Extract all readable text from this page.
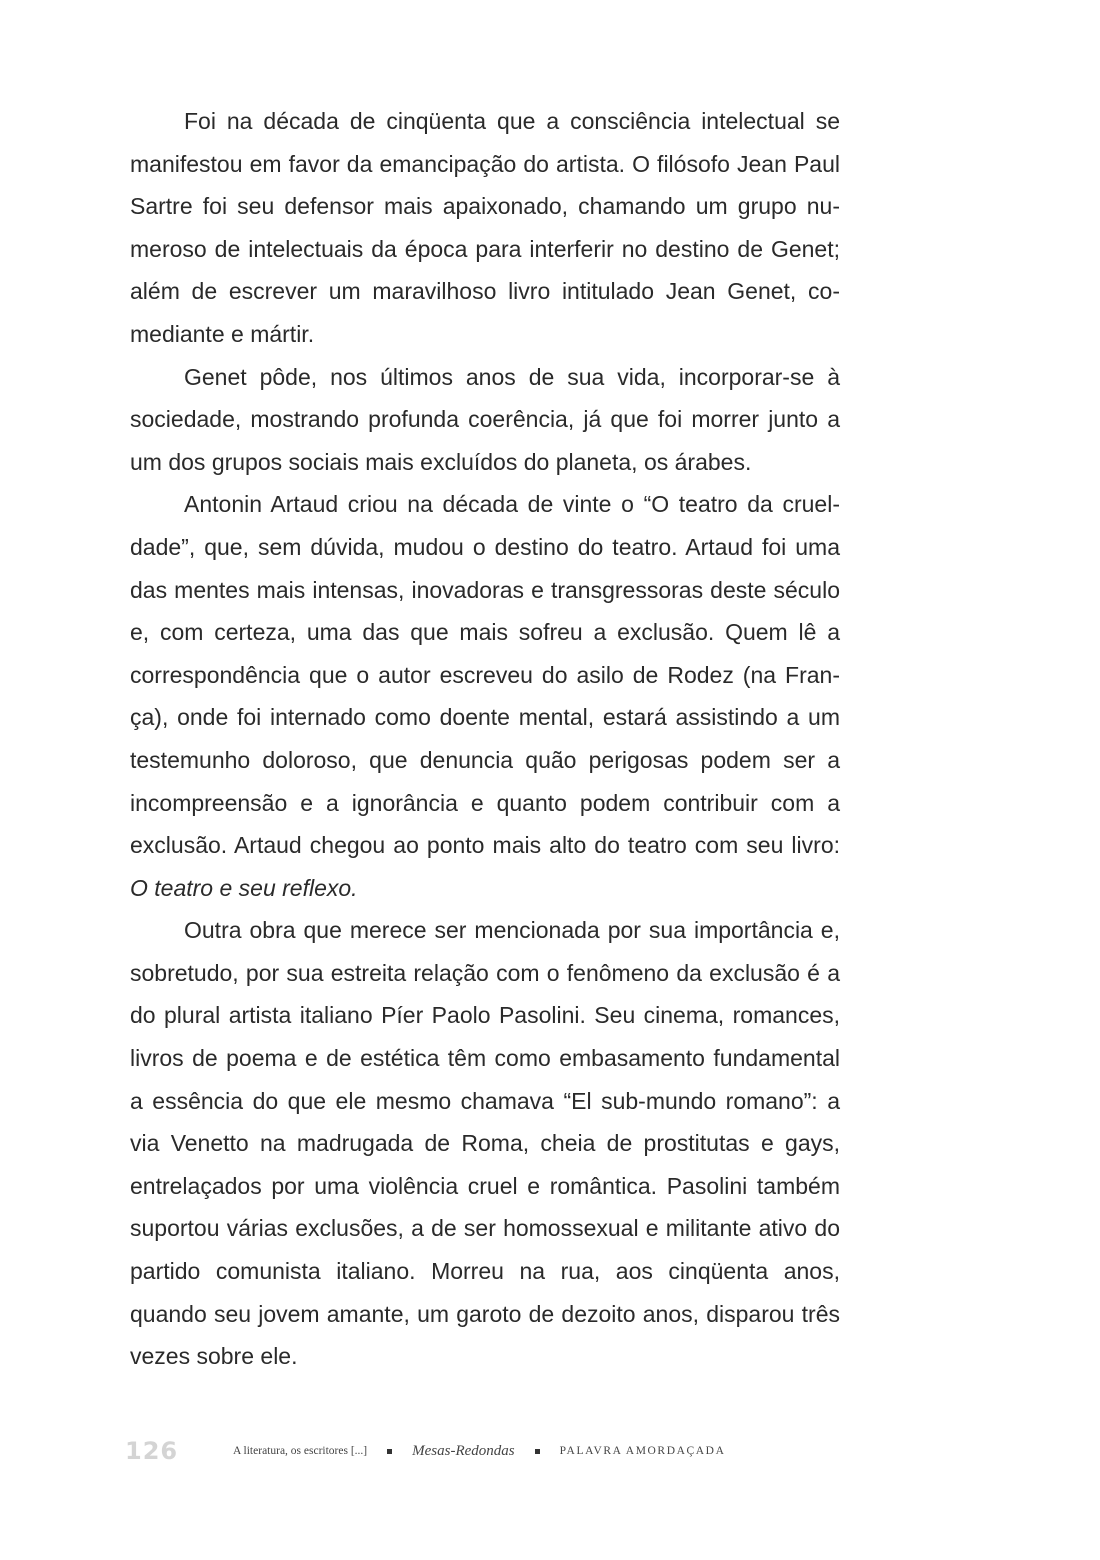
Foi na década de cinqüenta que a consciência intelectual se manifestou em favor da emancipação do artista. O filósofo Jean Paul Sartre foi seu defensor mais apaixonado, chamando um grupo numeroso de intelectuais da época para interferir no destino de Genet; além de escrever um maravilhoso livro intitulado Jean Genet, comediante e mártir.

Genet pôde, nos últimos anos de sua vida, incorporar-se à sociedade, mostrando profunda coerência, já que foi morrer junto a um dos grupos sociais mais excluídos do planeta, os árabes.

Antonin Artaud criou na década de vinte o “O teatro da crueldade”, que, sem dúvida, mudou o destino do teatro. Artaud foi uma das mentes mais intensas, inovadoras e transgressoras deste século e, com certeza, uma das que mais sofreu a exclusão. Quem lê a correspondência que o autor escreveu do asilo de Rodez (na França), onde foi internado como doente mental, estará assistindo a um testemunho doloroso, que denuncia quão perigosas podem ser a incompreensão e a ignorância e quanto podem contribuir com a exclusão. Artaud chegou ao ponto mais alto do teatro com seu livro: O teatro e seu reflexo.

Outra obra que merece ser mencionada por sua importância e, sobretudo, por sua estreita relação com o fenômeno da exclusão é a do plural artista italiano Píer Paolo Pasolini. Seu cinema, romances, livros de poema e de estética têm como embasamento fundamental a essência do que ele mesmo chamava “El sub-mundo romano”: a via Venetto na madrugada de Roma, cheia de prostitutas e gays, entrelaçados por uma violência cruel e romântica. Pasolini também suportou várias exclusões, a de ser homossexual e militante ativo do partido comunista italiano. Morreu na rua, aos cinqüenta anos, quando seu jovem amante, um garoto de dezoito anos, disparou três vezes sobre ele.

126	A literatura, os escritores [...]	Mesas-Redondas	PALAVRA AMORDAÇADA
